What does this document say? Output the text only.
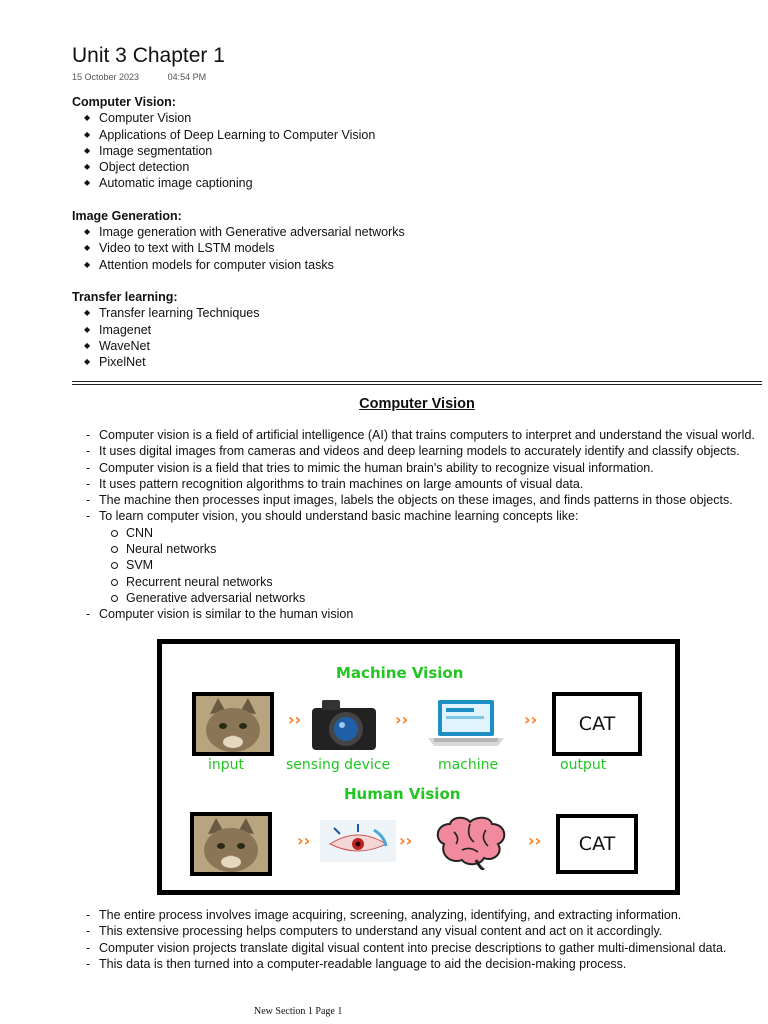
Unit 3 Chapter 1
15 October 2023	04:54 PM

Computer Vision:

◆ Computer Vision
◆ Applications of Deep Learning to Computer Vision
◆ Image segmentation
◆ Object detection
◆ Automatic image captioning

Image Generation:

◆ Image generation with Generative adversarial networks
◆ Video to text with LSTM models
◆ Attention models for computer vision tasks

Transfer learning:

◆ Transfer learning Techniques
◆ Imagenet
◆ WaveNet
◆ PixelNet
Computer Vision
- Computer vision is a field of artificial intelligence (AI) that trains computers to interpret and understand the visual world.
- It uses digital images from cameras and videos and deep learning models to accurately identify and classify objects.
- Computer vision is a field that tries to mimic the human brain's ability to recognize visual information.
- It uses pattern recognition algorithms to train machines on large amounts of visual data.
- The machine then processes input images, labels the objects on these images, and finds patterns in those objects.
- To learn computer vision, you should understand basic machine learning concepts like:
CNN
Neural networks
SVM
Recurrent neural networks
Generative adversarial networks
- Computer vision is similar to the human vision
Machine Vision
››	››	››	CAT
input	sensing device	machine	output
Human Vision
››	››	››	CAT
- The entire process involves image acquiring, screening, analyzing, identifying, and extracting information.
- This extensive processing helps computers to understand any visual content and act on it accordingly.
- Computer vision projects translate digital visual content into precise descriptions to gather multi-dimensional data.
- This data is then turned into a computer-readable language to aid the decision-making process.
New Section 1 Page 1
